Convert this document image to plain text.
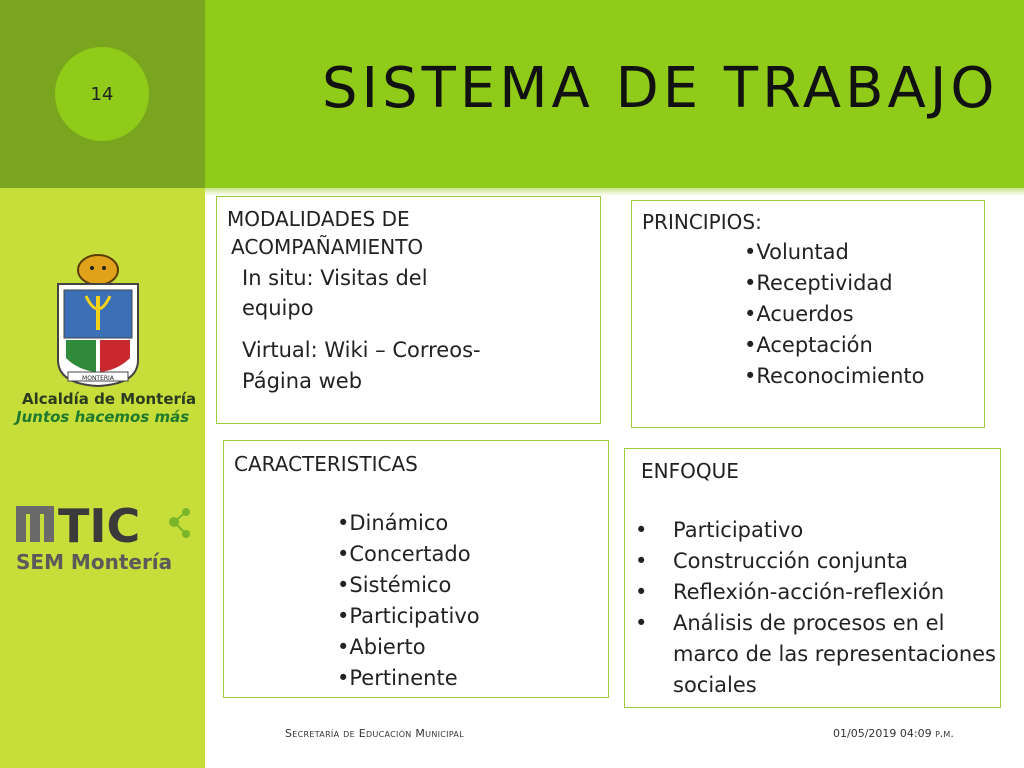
14	SISTEMA DE TRABAJO
MONTERIA
Alcaldía de Montería
Juntos hacemos más
TIC
SEM Montería
MODALIDADES DE
ACOMPAÑAMIENTO
In situ: Visitas del
equipo
Virtual: Wiki – Correos-
Página web
PRINCIPIOS:
•Voluntad
•Receptividad
•Acuerdos
•Aceptación
•Reconocimiento
CARACTERISTICAS
•Dinámico
•Concertado
•Sistémico
•Participativo
•Abierto
•Pertinente
ENFOQUE
• Participativo
• Construcción conjunta
• Reflexión-acción-reflexión
• Análisis de procesos en el
marco de las representaciones
sociales
Secretaría de Educación Municipal	01/05/2019 04:09 p.m.
